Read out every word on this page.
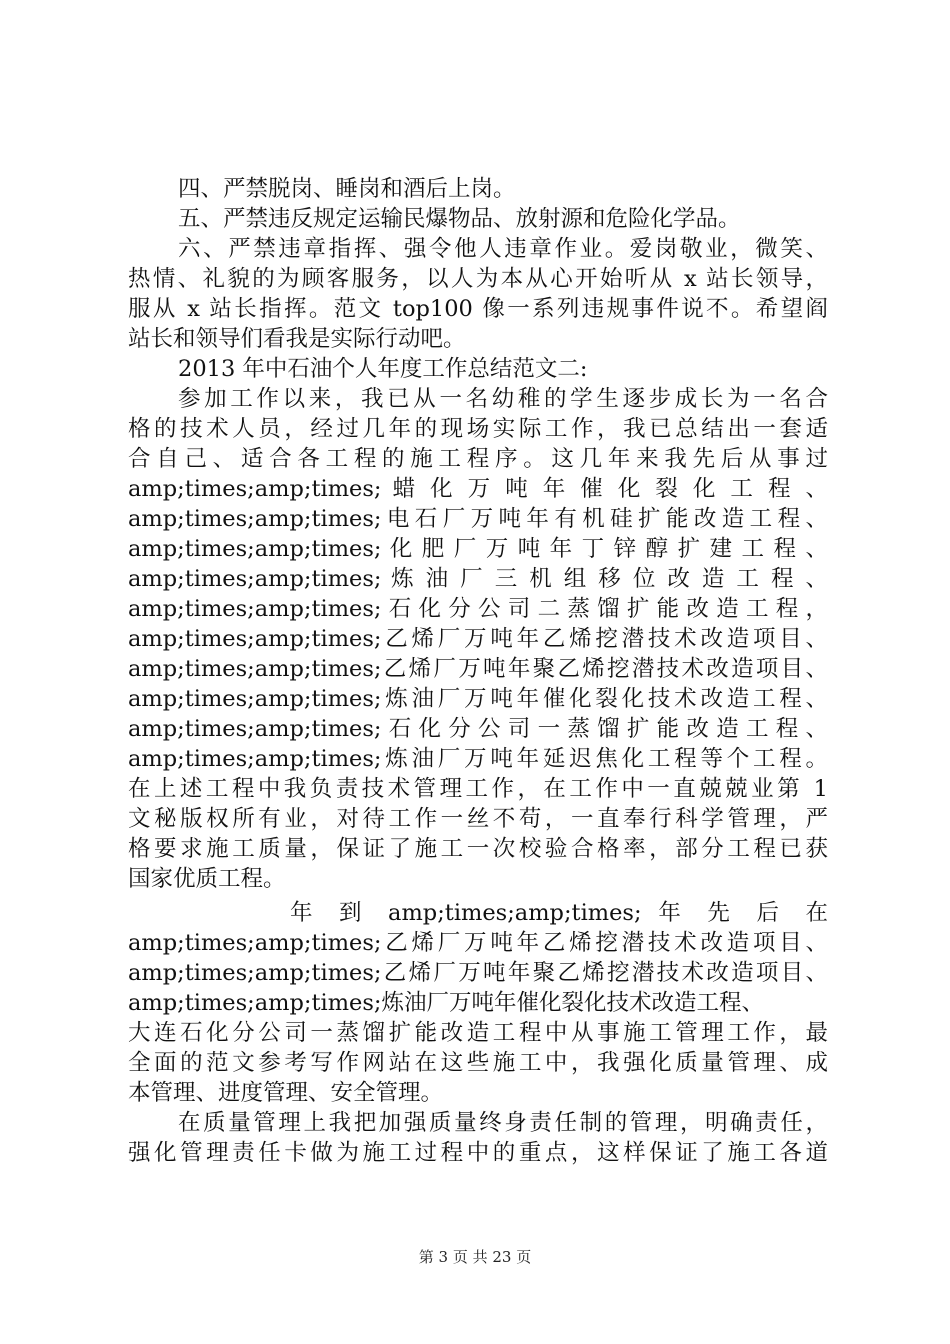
四、严禁脱岗、睡岗和酒后上岗。
五、严禁违反规定运输民爆物品、放射源和危险化学品。
六、严禁违章指挥、强令他人违章作业。爱岗敬业，微笑、
热情、礼貌的为顾客服务，以人为本从心开始听从 x 站长领导，
服从 x 站长指挥。范文 top100 像一系列违规事件说不。希望阎
站长和领导们看我是实际行动吧。
2013 年中石油个人年度工作总结范文二:
参加工作以来，我已从一名幼稚的学生逐步成长为一名合
格的技术人员，经过几年的现场实际工作，我已总结出一套适
合自己、适合各工程的施工程序。这几年来我先后从事过
amp;times;amp;times; 蜡 化 万 吨 年 催 化 裂 化 工 程 、
amp;times;amp;times;电石厂万吨年有机硅扩能改造工程、
amp;times;amp;times; 化 肥 厂 万 吨 年 丁 锌 醇 扩 建 工 程 、
amp;times;amp;times; 炼 油 厂 三 机 组 移 位 改 造 工 程 、
amp;times;amp;times; 石 化 分 公 司 二 蒸 馏 扩 能 改 造 工 程 ，
amp;times;amp;times;乙烯厂万吨年乙烯挖潜技术改造项目、
amp;times;amp;times;乙烯厂万吨年聚乙烯挖潜技术改造项目、
amp;times;amp;times;炼油厂万吨年催化裂化技术改造工程、
amp;times;amp;times; 石 化 分 公 司 一 蒸 馏 扩 能 改 造 工 程 、
amp;times;amp;times;炼油厂万吨年延迟焦化工程等个工程。
在上述工程中我负责技术管理工作，在工作中一直兢兢业第 1
文秘版权所有业，对待工作一丝不苟，一直奉行科学管理，严
格要求施工质量，保证了施工一次校验合格率，部分工程已获
国家优质工程。
年 到 amp;times;amp;times; 年 先 后 在
amp;times;amp;times;乙烯厂万吨年乙烯挖潜技术改造项目、
amp;times;amp;times;乙烯厂万吨年聚乙烯挖潜技术改造项目、
amp;times;amp;times;炼油厂万吨年催化裂化技术改造工程、
大连石化分公司一蒸馏扩能改造工程中从事施工管理工作，最
全面的范文参考写作网站在这些施工中，我强化质量管理、成
本管理、进度管理、安全管理。
在质量管理上我把加强质量终身责任制的管理，明确责任，
强化管理责任卡做为施工过程中的重点，这样保证了施工各道
第 3 页 共 23 页
